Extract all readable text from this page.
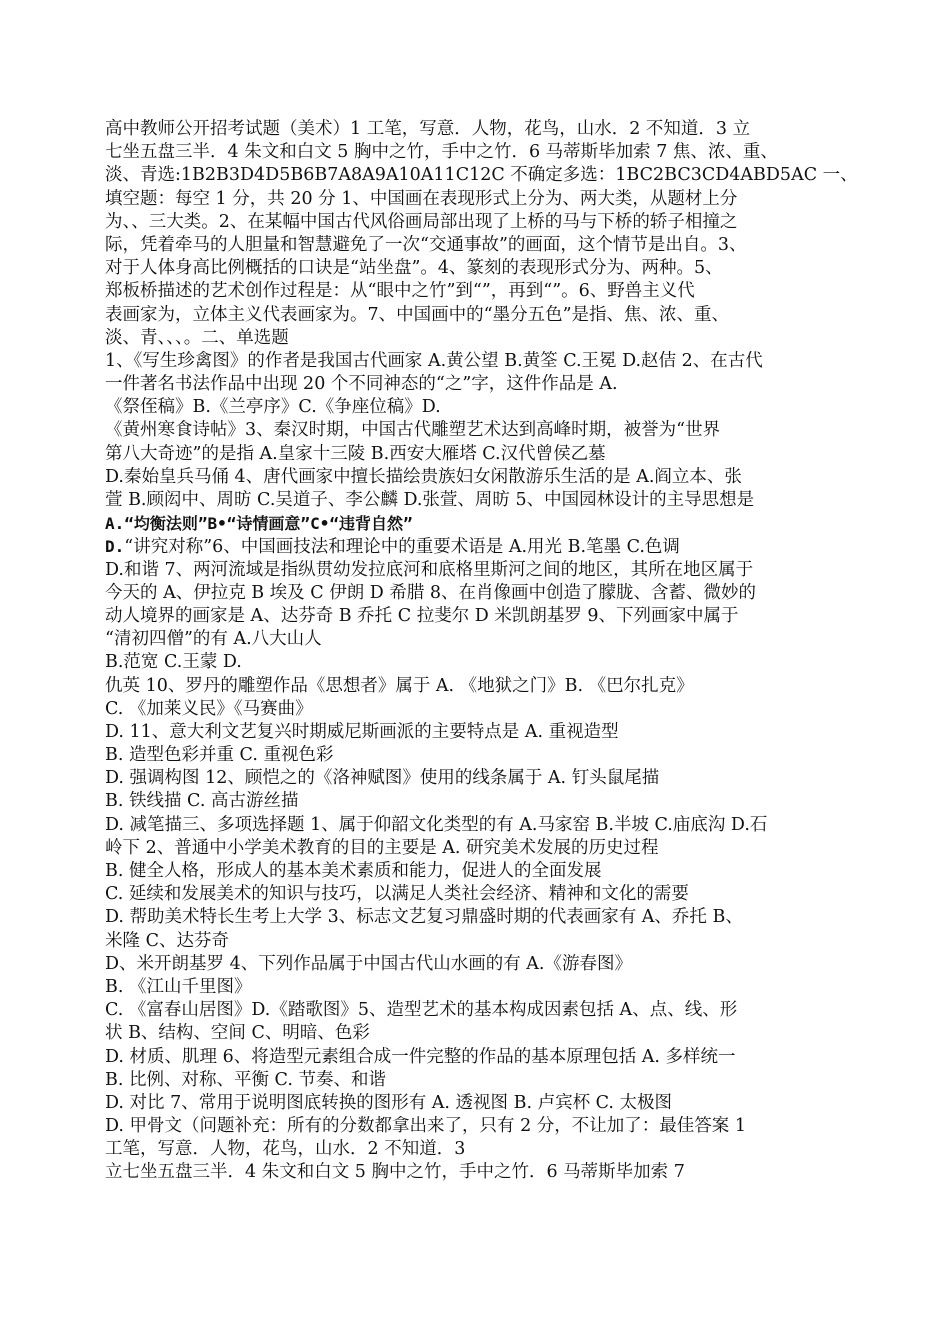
高中教师公开招考试题（美术）1 工笔，写意．人物，花鸟，山水．2 不知道．3 立
七坐五盘三半．4 朱文和白文 5 胸中之竹，手中之竹．6 马蒂斯毕加索 7 焦、浓、重、
淡、青选:1B2B3D4D5B6B7A8A9A10A11C12C 不确定多选：1BC2BC3CD4ABD5AC 一、
填空题：每空 1 分，共 20 分 1、中国画在表现形式上分为、两大类，从题材上分
为、、三大类。2、在某幅中国古代风俗画局部出现了上桥的马与下桥的轿子相撞之
际，凭着牵马的人胆量和智慧避免了一次“交通事故”的画面，这个情节是出自。3、
对于人体身高比例概括的口诀是“站坐盘”。4、篆刻的表现形式分为、两种。5、
郑板桥描述的艺术创作过程是：从“眼中之竹”到“”，再到“”。6、野兽主义代
表画家为，立体主义代表画家为。7、中国画中的“墨分五色”是指、焦、浓、重、
淡、青、、、。二、单选题
1、《写生珍禽图》的作者是我国古代画家 A.黄公望 B.黄筌 C.王冕 D.赵佶 2、在古代
一件著名书法作品中出现 20 个不同神态的“之”字，这件作品是 A.
《祭侄稿》B.《兰亭序》C.《争座位稿》D.
《黄州寒食诗帖》3、秦汉时期，中国古代雕塑艺术达到高峰时期，被誉为“世界
第八大奇迹”的是指 A.皇家十三陵 B.西安大雁塔 C.汉代曾侯乙墓
D.秦始皇兵马俑 4、唐代画家中擅长描绘贵族妇女闲散游乐生活的是 A.阎立本、张
萱 B.顾闳中、周昉 C.吴道子、李公麟 D.张萱、周昉 5、中国园林设计的主导思想是
A.“均衡法则”B•“诗情画意”C•“违背自然”
D.“讲究对称”6、中国画技法和理论中的重要术语是 A.用光 B.笔墨 C.色调
D.和谐 7、两河流域是指纵贯幼发拉底河和底格里斯河之间的地区，其所在地区属于
今天的 A、伊拉克 B 埃及 C 伊朗 D 希腊 8、在肖像画中创造了朦胧、含蓄、微妙的
动人境界的画家是 A、达芬奇 B 乔托 C 拉斐尔 D 米凯朗基罗 9、下列画家中属于
“清初四僧”的有 A.八大山人
B.范宽 C.王蒙 D.
仇英 10、罗丹的雕塑作品《思想者》属于 A. 《地狱之门》B. 《巴尔扎克》
C. 《加莱义民》《马赛曲》
D. 11、意大利文艺复兴时期威尼斯画派的主要特点是 A. 重视造型
B. 造型色彩并重 C. 重视色彩
D. 强调构图 12、顾恺之的《洛神赋图》使用的线条属于 A. 钉头鼠尾描
B. 铁线描 C. 高古游丝描
D. 减笔描三、多项选择题 1、属于仰韶文化类型的有 A.马家窑 B.半坡 C.庙底沟 D.石
岭下 2、普通中小学美术教育的目的主要是 A. 研究美术发展的历史过程
B. 健全人格，形成人的基本美术素质和能力，促进人的全面发展
C. 延续和发展美术的知识与技巧，以满足人类社会经济、精神和文化的需要
D. 帮助美术特长生考上大学 3、标志文艺复习鼎盛时期的代表画家有 A、乔托 B、
米隆 C、达芬奇
D、米开朗基罗 4、下列作品属于中国古代山水画的有 A.《游春图》
B. 《江山千里图》
C. 《富春山居图》D.《踏歌图》5、造型艺术的基本构成因素包括 A、点、线、形
状 B、结构、空间 C、明暗、色彩
D. 材质、肌理 6、将造型元素组合成一件完整的作品的基本原理包括 A. 多样统一
B. 比例、对称、平衡 C. 节奏、和谐
D. 对比 7、常用于说明图底转换的图形有 A. 透视图 B. 卢宾杯 C. 太极图
D. 甲骨文（问题补充：所有的分数都拿出来了，只有 2 分，不让加了：最佳答案 1
工笔，写意．人物，花鸟，山水．2 不知道．3
立七坐五盘三半．4 朱文和白文 5 胸中之竹，手中之竹．6 马蒂斯毕加索 7
